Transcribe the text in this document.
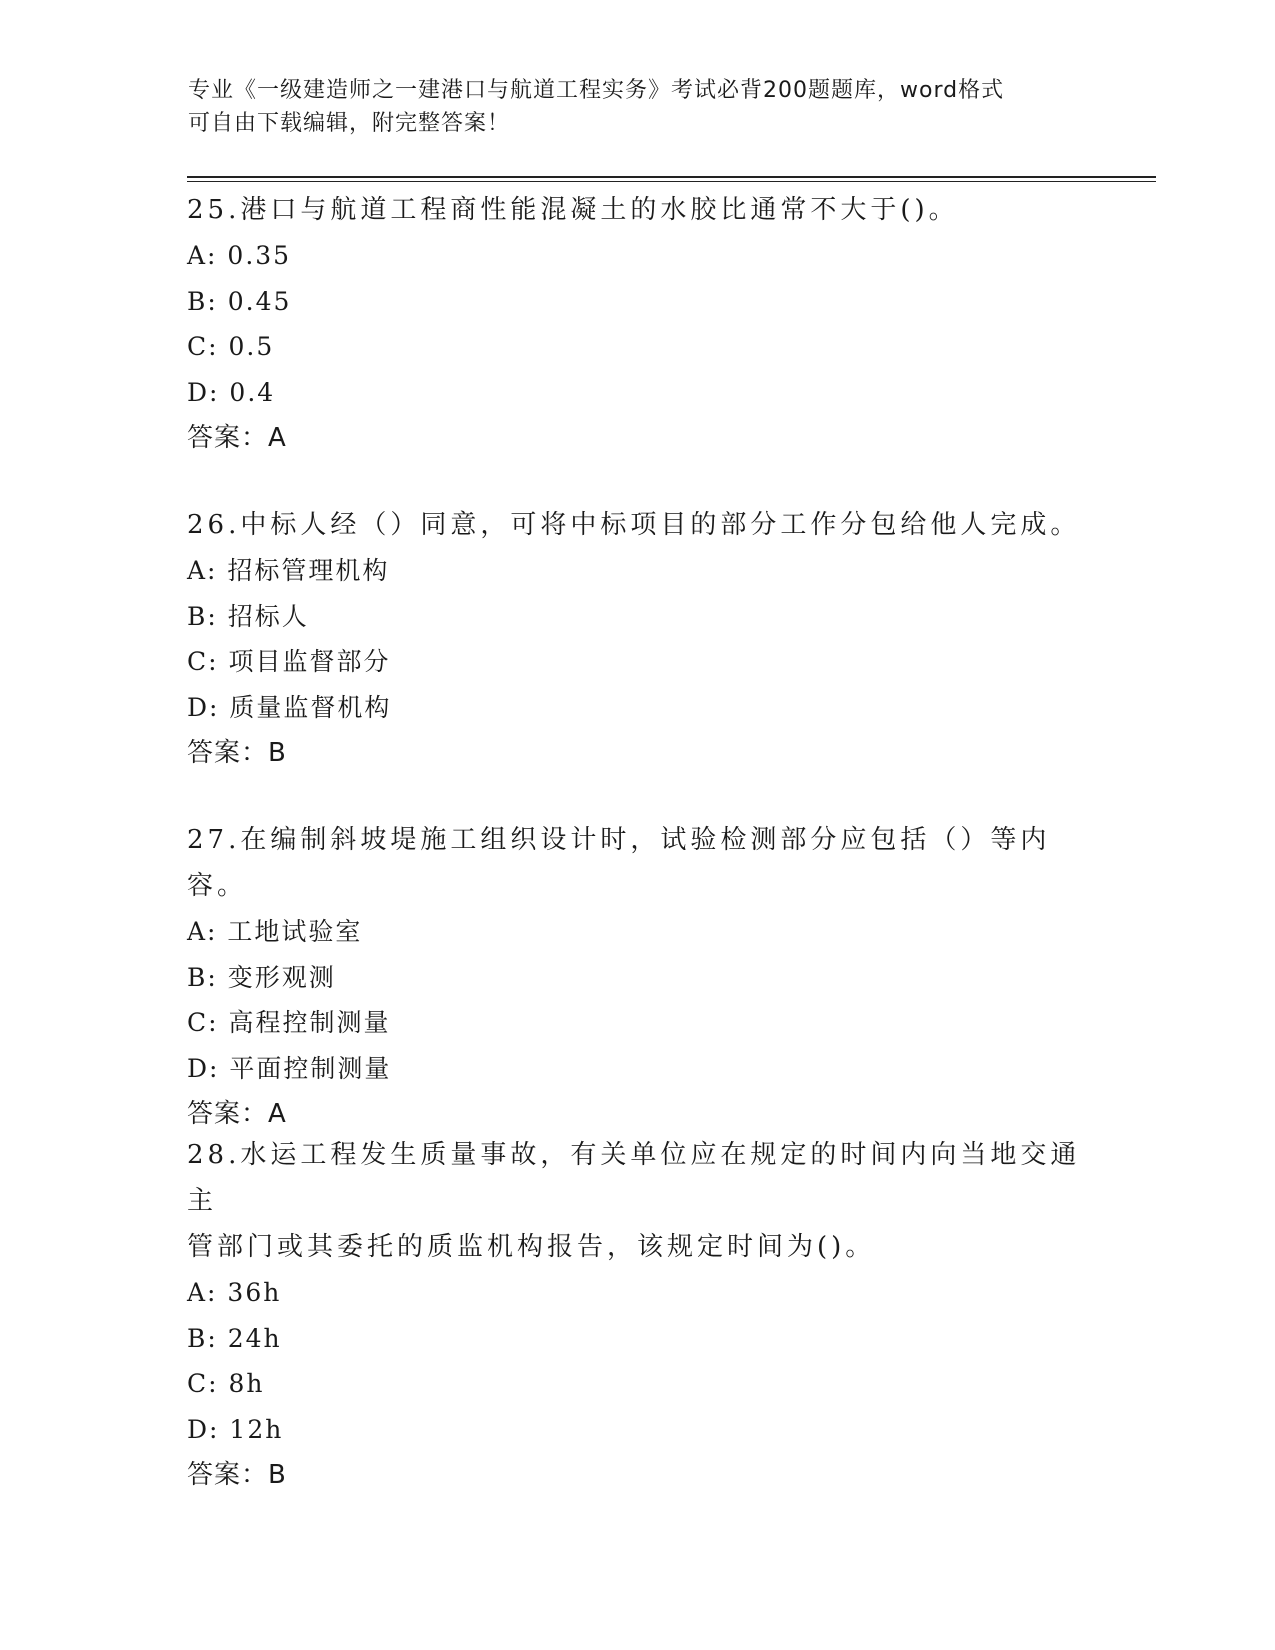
专业《一级建造师之一建港口与航道工程实务》考试必背200题题库，word格式
可自由下载编辑，附完整答案！

25.港口与航道工程商性能混凝土的水胶比通常不大于()。

A: 0.35

B: 0.45

C: 0.5

D: 0.4

答案：A

26.中标人经（）同意，可将中标项目的部分工作分包给他人完成。

A: 招标管理机构

B: 招标人

C: 项目监督部分

D: 质量监督机构

答案：B

27.在编制斜坡堤施工组织设计时，试验检测部分应包括（）等内容。

A: 工地试验室

B: 变形观测

C: 高程控制测量

D: 平面控制测量

答案：A

28.水运工程发生质量事故，有关单位应在规定的时间内向当地交通主

管部门或其委托的质监机构报告，该规定时间为()。

A: 36h

B: 24h

C: 8h

D: 12h

答案：B
